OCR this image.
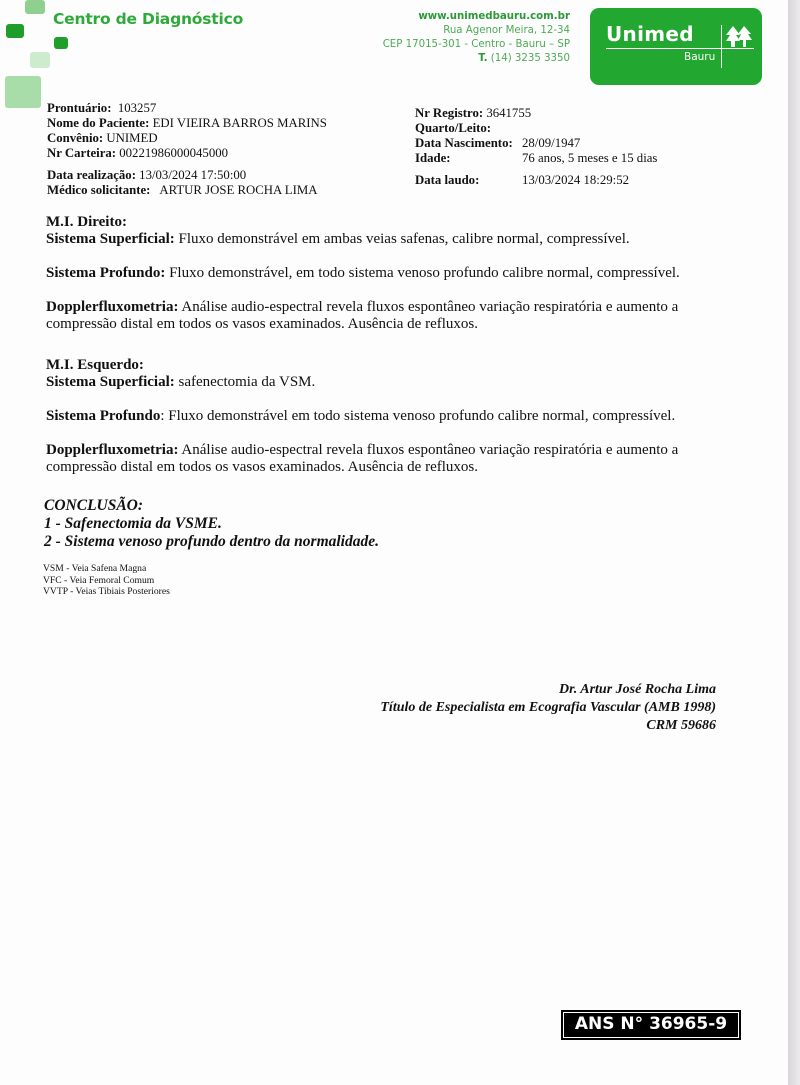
Centro de Diagnóstico	www.unimedbauru.com.br
Rua Agenor Meira, 12-34
CEP 17015-301 - Centro - Bauru – SP
T. (14) 3235 3350
Unimed
Bauru
Prontuário: 103257
Nome do Paciente: EDI VIEIRA BARROS MARINS
Convênio: UNIMED
Nr Carteira: 00221986000045000
Data realização: 13/03/2024 17:50:00
Médico solicitante: ARTUR JOSE ROCHA LIMA
Nr Registro: 3641755
Quarto/Leito:
Data Nascimento: 28/09/1947
Idade:	76 anos, 5 meses e 15 dias
Data laudo:	13/03/2024 18:29:52

M.I. Direito:

Sistema Superficial: Fluxo demonstrável em ambas veias safenas, calibre normal, compressível.

Sistema Profundo: Fluxo demonstrável, em todo sistema venoso profundo calibre normal, compressível.

Dopplerfluxometria: Análise audio-espectral revela fluxos espontâneo variação respiratória e aumento a compressão distal em todos os vasos examinados. Ausência de refluxos.

M.I. Esquerdo:

Sistema Superficial: safenectomia da VSM.

Sistema Profundo: Fluxo demonstrável em todo sistema venoso profundo calibre normal, compressível.

Dopplerfluxometria: Análise audio-espectral revela fluxos espontâneo variação respiratória e aumento a compressão distal em todos os vasos examinados. Ausência de refluxos.

CONCLUSÃO:
1 - Safenectomia da VSME.
2 - Sistema venoso profundo dentro da normalidade.
VSM - Veia Safena Magna
VFC - Veia Femoral Comum
VVTP - Veias Tibiais Posteriores
Dr. Artur José Rocha Lima
Título de Especialista em Ecografia Vascular (AMB 1998)
CRM 59686
ANS N° 36965-9
